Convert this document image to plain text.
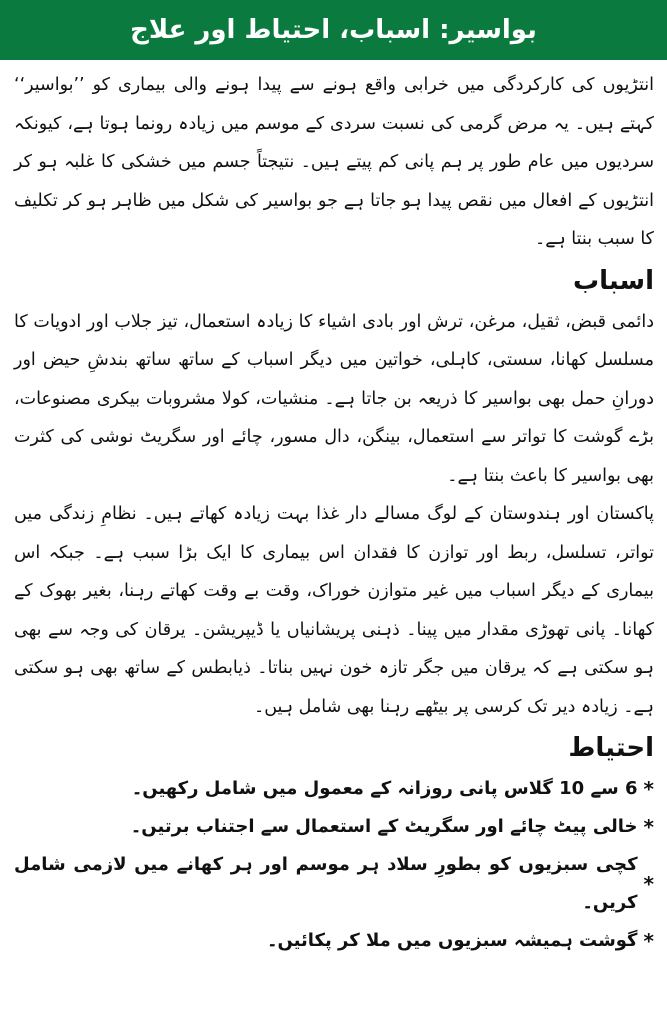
بواسیر: اسباب، احتیاط اور علاج

انتڑیوں کی کارکردگی میں خرابی واقع ہونے سے پیدا ہونے والی بیماری کو ’’بواسیر‘‘ کہتے ہیں۔ یہ مرض گرمی کی نسبت سردی کے موسم میں زیادہ رونما ہوتا ہے، کیونکہ سردیوں میں عام طور پر ہم پانی کم پیتے ہیں۔ نتیجتاً جسم میں خشکی کا غلبہ ہو کر انتڑیوں کے افعال میں نقص پیدا ہو جاتا ہے جو بواسیر کی شکل میں ظاہر ہو کر تکلیف کا سبب بنتا ہے۔

اسباب

دائمی قبض، ثقیل، مرغن، ترش اور بادی اشیاء کا زیادہ استعمال، تیز جلاب اور ادویات کا مسلسل کھانا، سستی، کاہلی، خواتین میں دیگر اسباب کے ساتھ ساتھ بندشِ حیض اور دورانِ حمل بھی بواسیر کا ذریعہ بن جاتا ہے۔ منشیات، کولا مشروبات بیکری مصنوعات، بڑے گوشت کا تواتر سے استعمال، بینگن، دال مسور، چائے اور سگریٹ نوشی کی کثرت بھی بواسیر کا باعث بنتا ہے۔

پاکستان اور ہندوستان کے لوگ مسالے دار غذا بہت زیادہ کھاتے ہیں۔ نظامِ زندگی میں تواتر، تسلسل، ربط اور توازن کا فقدان اس بیماری کا ایک بڑا سبب ہے۔ جبکہ اس بیماری کے دیگر اسباب میں غیر متوازن خوراک، وقت بے وقت کھاتے رہنا، بغیر بھوک کے کھانا۔ پانی تھوڑی مقدار میں پینا۔ ذہنی پریشانیاں یا ڈیپریشن۔ یرقان کی وجہ سے بھی ہو سکتی ہے کہ یرقان میں جگر تازہ خون نہیں بناتا۔ ذیابطس کے ساتھ بھی ہو سکتی ہے۔ زیادہ دیر تک کرسی پر بیٹھے رہنا بھی شامل ہیں۔

احتیاط
*
6 سے 10 گلاس پانی روزانہ کے معمول میں شامل رکھیں۔
*
خالی پیٹ چائے اور سگریٹ کے استعمال سے اجتناب برتیں۔
*
کچی سبزیوں کو بطورِ سلاد ہر موسم اور ہر کھانے میں لازمی شامل کریں۔
*
گوشت ہمیشہ سبزیوں میں ملا کر پکائیں۔
